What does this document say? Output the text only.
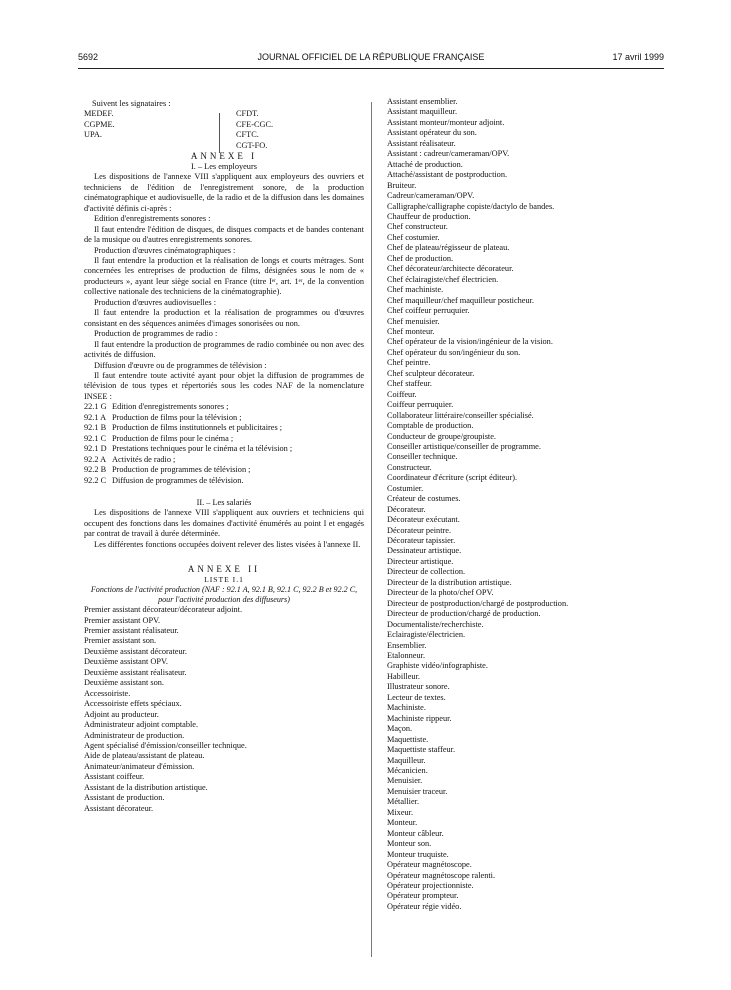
5692	JOURNAL OFFICIEL DE LA RÉPUBLIQUE FRANÇAISE	17 avril 1999
Suivent les signataires :
MEDEF.
CGPME.
UPA.
CFDT.
CFE-CGC.
CFTC.
CGT-FO.
ANNEXE I
I. – Les employeurs

Les dispositions de l'annexe VIII s'appliquent aux employeurs des ouvriers et techniciens de l'édition de l'enregistrement sonore, de la production cinématographique et audiovisuelle, de la radio et de la diffusion dans les domaines d'activité définis ci-après :

Edition d'enregistrements sonores :

Il faut entendre l'édition de disques, de disques compacts et de bandes contenant de la musique ou d'autres enregistrements sonores.

Production d'œuvres cinématographiques :

Il faut entendre la production et la réalisation de longs et courts métrages. Sont concernées les entreprises de production de films, désignées sous le nom de « producteurs », ayant leur siège social en France (titre Iᵉʳ, art. 1ᵉʳ, de la convention collective nationale des techniciens de la cinématographie).

Production d'œuvres audiovisuelles :

Il faut entendre la production et la réalisation de programmes ou d'œuvres consistant en des séquences animées d'images sonorisées ou non.

Production de programmes de radio :

Il faut entendre la production de programmes de radio combinée ou non avec des activités de diffusion.

Diffusion d'œuvre ou de programmes de télévision :

Il faut entendre toute activité ayant pour objet la diffusion de programmes de télévision de tous types et répertoriés sous les codes NAF de la nomenclature INSEE :

22.1 G Edition d'enregistrements sonores ;
92.1 A Production de films pour la télévision ;
92.1 B Production de films institutionnels et publicitaires ;
92.1 C Production de films pour le cinéma ;
92.1 D Prestations techniques pour le cinéma et la télévision ;
92.2 A Activités de radio ;
92.2 B Production de programmes de télévision ;
92.2 C Diffusion de programmes de télévision.
II. – Les salariés

Les dispositions de l'annexe VIII s'appliquent aux ouvriers et techniciens qui occupent des fonctions dans les domaines d'activité énumérés au point I et engagés par contrat de travail à durée déterminée.

Les différentes fonctions occupées doivent relever des listes visées à l'annexe II.

ANNEXE II
LISTE I.1
Fonctions de l'activité production (NAF : 92.1 A, 92.1 B, 92.1 C, 92.2 B et 92.2 C, pour l'activité production des diffuseurs)
Premier assistant décorateur/décorateur adjoint.
Premier assistant OPV.
Premier assistant réalisateur.
Premier assistant son.
Deuxième assistant décorateur.
Deuxième assistant OPV.
Deuxième assistant réalisateur.
Deuxième assistant son.
Accessoiriste.
Accessoiriste effets spéciaux.
Adjoint au producteur.
Administrateur adjoint comptable.
Administrateur de production.
Agent spécialisé d'émission/conseiller technique.
Aide de plateau/assistant de plateau.
Animateur/animateur d'émission.
Assistant coiffeur.
Assistant de la distribution artistique.
Assistant de production.
Assistant décorateur.
Assistant ensemblier.
Assistant maquilleur.
Assistant monteur/monteur adjoint.
Assistant opérateur du son.
Assistant réalisateur.
Assistant : cadreur/cameraman/OPV.
Attaché de production.
Attaché/assistant de postproduction.
Bruiteur.
Cadreur/cameraman/OPV.
Calligraphe/calligraphe copiste/dactylo de bandes.
Chauffeur de production.
Chef constructeur.
Chef costumier.
Chef de plateau/régisseur de plateau.
Chef de production.
Chef décorateur/architecte décorateur.
Chef éclairagiste/chef électricien.
Chef machiniste.
Chef maquilleur/chef maquilleur posticheur.
Chef coiffeur perruquier.
Chef menuisier.
Chef monteur.
Chef opérateur de la vision/ingénieur de la vision.
Chef opérateur du son/ingénieur du son.
Chef peintre.
Chef sculpteur décorateur.
Chef staffeur.
Coiffeur.
Coiffeur perruquier.
Collaborateur littéraire/conseiller spécialisé.
Comptable de production.
Conducteur de groupe/groupiste.
Conseiller artistique/conseiller de programme.
Conseiller technique.
Constructeur.
Coordinateur d'écriture (script éditeur).
Costumier.
Créateur de costumes.
Décorateur.
Décorateur exécutant.
Décorateur peintre.
Décorateur tapissier.
Dessinateur artistique.
Directeur artistique.
Directeur de collection.
Directeur de la distribution artistique.
Directeur de la photo/chef OPV.
Directeur de postproduction/chargé de postproduction.
Directeur de production/chargé de production.
Documentaliste/recherchiste.
Eclairagiste/électricien.
Ensemblier.
Etalonneur.
Graphiste vidéo/infographiste.
Habilleur.
Illustrateur sonore.
Lecteur de textes.
Machiniste.
Machiniste rippeur.
Maçon.
Maquettiste.
Maquettiste staffeur.
Maquilleur.
Mécanicien.
Menuisier.
Menuisier traceur.
Métallier.
Mixeur.
Monteur.
Monteur câbleur.
Monteur son.
Monteur truquiste.
Opérateur magnétoscope.
Opérateur magnétoscope ralenti.
Opérateur projectionniste.
Opérateur prompteur.
Opérateur régie vidéo.
